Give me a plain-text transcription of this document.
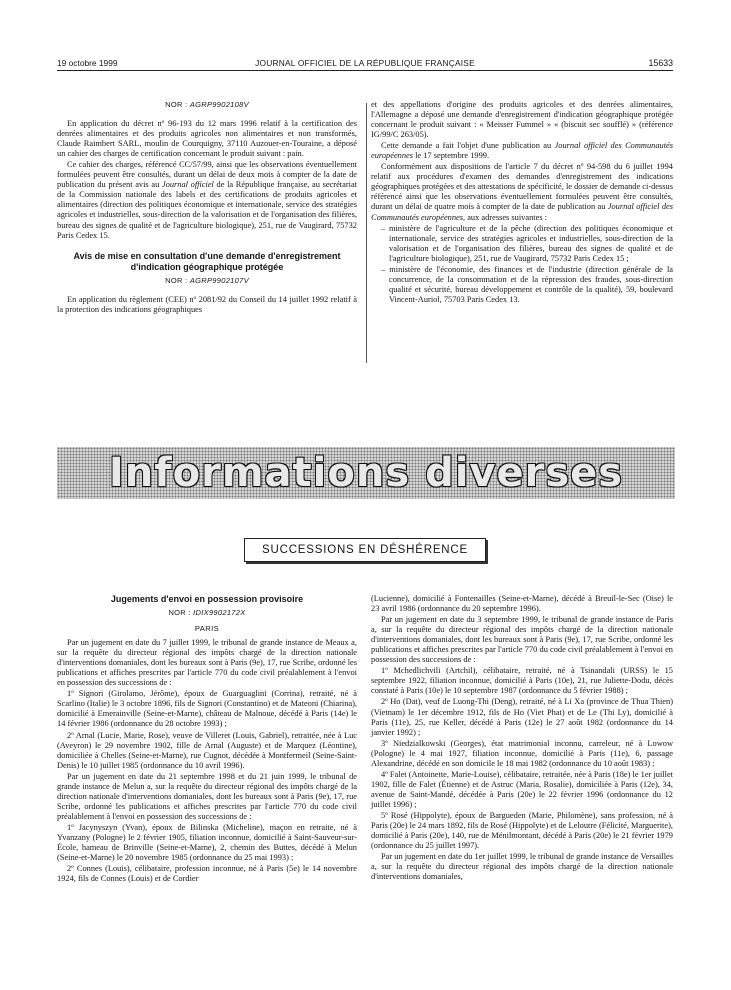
19 octobre 1999	JOURNAL OFFICIEL DE LA RÉPUBLIQUE FRANÇAISE	15633
NOR : AGRP9902108V

En application du décret nº 96-193 du 12 mars 1996 relatif à la certification des denrées alimentaires et des produits agricoles non alimentaires et non transformés, Claude Raimbert SARL, moulin de Courquigny, 37110 Auzouer-en-Touraine, a déposé un cahier des charges de certification concernant le produit suivant : pain.

Ce cahier des charges, référencé CC/57/99, ainsi que les observations éventuellement formulées peuvent être consultés, durant un délai de deux mois à compter de la date de publication du présent avis au Journal officiel de la République française, au secrétariat de la Commission nationale des labels et des certifications de produits agricoles et alimentaires (direction des politiques économique et internationale, service des stratégies agricoles et industrielles, sous-direction de la valorisation et de l'organisation des filières, bureau des signes de qualité et de l'agriculture biologique), 251, rue de Vaugirard, 75732 Paris Cedex 15.

Avis de mise en consultation d'une demande d'enregistrement d'indication géographique protégée
NOR : AGRP9902107V

En application du règlement (CEE) nº 2081/92 du Conseil du 14 juillet 1992 relatif à la protection des indications géographiques

et des appellations d'origine des produits agricoles et des denrées alimentaires, l'Allemagne a déposé une demande d'enregistrement d'indication géographique protégée concernant le produit suivant : « Meisser Fummel » « (biscuit sec soufflé) » (référence IG/99/C 263/05).

Cette demande a fait l'objet d'une publication au Journal officiel des Communautés européennes le 17 septembre 1999.

Conformément aux dispositions de l'article 7 du décret nº 94-598 du 6 juillet 1994 relatif aux procédures d'examen des demandes d'enregistrement des indications géographiques protégées et des attestations de spécificité, le dossier de demande ci-dessus référencé ainsi que les observations éventuellement formulées peuvent être consultés, durant un délai de quatre mois à compter de la date de publication au Journal officiel des Communautés européennes, aux adresses suivantes :

– ministère de l'agriculture et de la pêche (direction des politiques économique et internationale, service des stratégies agricoles et industrielles, sous-direction de la valorisation et de l'organisation des filières, bureau des signes de qualité et de l'agriculture biologique), 251, rue de Vaugirard, 75732 Paris Cedex 15 ;

– ministère de l'économie, des finances et de l'industrie (direction générale de la concurrence, de la consommation et de la répression des fraudes, sous-direction qualité et sécurité, bureau développement et contrôle de la qualité), 59, boulevard Vincent-Auriol, 75703 Paris Cedex 13.

Informations diverses
SUCCESSIONS EN DÉSHÉRENCE
Jugements d'envoi en possession provisoire
NOR : IDIX9902172X
PARIS

Par un jugement en date du 7 juillet 1999, le tribunal de grande instance de Meaux a, sur la requête du directeur régional des impôts chargé de la direction nationale d'interventions domaniales, dont les bureaux sont à Paris (9e), 17, rue Scribe, ordonné les publications et affiches prescrites par l'article 770 du code civil préalablement à l'envoi en possession des successions de :

1º Signori (Girolamo, Jérôme), époux de Guarguaglini (Corrina), retraité, né à Scarlino (Italie) le 3 octobre 1896, fils de Signori (Constantino) et de Mateoni (Chiarina), domicilié à Emerainville (Seine-et-Marne), château de Malnoue, décédé à Paris (14e) le 14 février 1986 (ordonnance du 28 octobre 1993) ;

2º Arnal (Lucie, Marie, Rose), veuve de Villeret (Louis, Gabriel), retraitée, née à Luc (Aveyron) le 29 novembre 1902, fille de Arnal (Auguste) et de Marquez (Léontine), domiciliée à Chelles (Seine-et-Marne), rue Cugnot, décédée à Montfermeil (Seine-Saint-Denis) le 10 juillet 1985 (ordonnance du 10 avril 1996).

Par un jugement en date du 21 septembre 1998 et du 21 juin 1999, le tribunal de grande instance de Melun a, sur la requête du directeur régional des impôts chargé de la direction nationale d'interventions domaniales, dont les bureaux sont à Paris (9e), 17, rue Scribe, ordonné les publications et affiches prescrites par l'article 770 du code civil préalablement à l'envoi en possession des successions de :

1º Jacynyszyn (Yvan), époux de Bilinska (Micheline), maçon en retraite, né à Yvanzany (Pologne) le 2 février 1905, filiation inconnue, domicilié à Saint-Sauveur-sur-École, hameau de Brinville (Seine-et-Marne), 2, chemin des Buttes, décédé à Melun (Seine-et-Marne) le 20 novembre 1985 (ordonnance du 25 mai 1993) ;

2º Connes (Louis), célibataire, profession inconnue, né à Paris (5e) le 14 novembre 1924, fils de Connes (Louis) et de Cordier

(Lucienne), domicilié à Fontenailles (Seine-et-Marne), décédé à Breuil-le-Sec (Oise) le 23 avril 1986 (ordonnance du 20 septembre 1996).

Par un jugement en date du 3 septembre 1999, le tribunal de grande instance de Paris a, sur la requête du directeur régional des impôts chargé de la direction nationale d'interventions domaniales, dont les bureaux sont à Paris (9e), 17, rue Scribe, ordonné les publications et affiches prescrites par l'article 770 du code civil préalablement à l'envoi en possession des successions de :

1º Mchedlichvili (Artchil), célibataire, retraité, né à Tsinandali (URSS) le 15 septembre 1922, filiation inconnue, domicilié à Paris (10e), 21, rue Juliette-Dodu, décès constaté à Paris (10e) le 10 septembre 1987 (ordonnance du 5 février 1988) ;

2º Ho (Dat), veuf de Luong-Thi (Deng), retraité, né à Li Xa (province de Thua Thien) (Vietnam) le 1er décembre 1912, fils de Ho (Viet Phat) et de Le (Thi Ly), domicilié à Paris (11e), 25, rue Keller, décédé à Paris (12e) le 27 août 1982 (ordonnance du 14 janvier 1992) ;

3º Niedzialkowski (Georges), état matrimonial inconnu, carreleur, né à Lowow (Pologne) le 4 mai 1927, filiation inconnue, domicilié à Paris (11e), 6, passage Alexandrine, décédé en son domicile le 18 mai 1982 (ordonnance du 10 août 1983) ;

4º Falet (Antoinette, Marie-Louise), célibataire, retraitée, née à Paris (18e) le 1er juillet 1902, fille de Falet (Étienne) et de Astruc (Maria, Rosalie), domiciliée à Paris (12e), 34, avenue de Saint-Mandé, décédée à Paris (20e) le 22 février 1996 (ordonnance du 12 juillet 1996) ;

5º Rosé (Hippolyte), époux de Bargueden (Marie, Philomène), sans profession, né à Paris (20e) le 24 mars 1892, fils de Rosé (Hippolyte) et de Leloutre (Félicité, Marguerite), domicilié à Paris (20e), 140, rue de Ménilmontant, décédé à Paris (20e) le 21 février 1979 (ordonnance du 25 juillet 1997).

Par un jugement en date du 1er juillet 1999, le tribunal de grande instance de Versailles a, sur la requête du directeur régional des impôts chargé de la direction nationale d'interventions domaniales,
